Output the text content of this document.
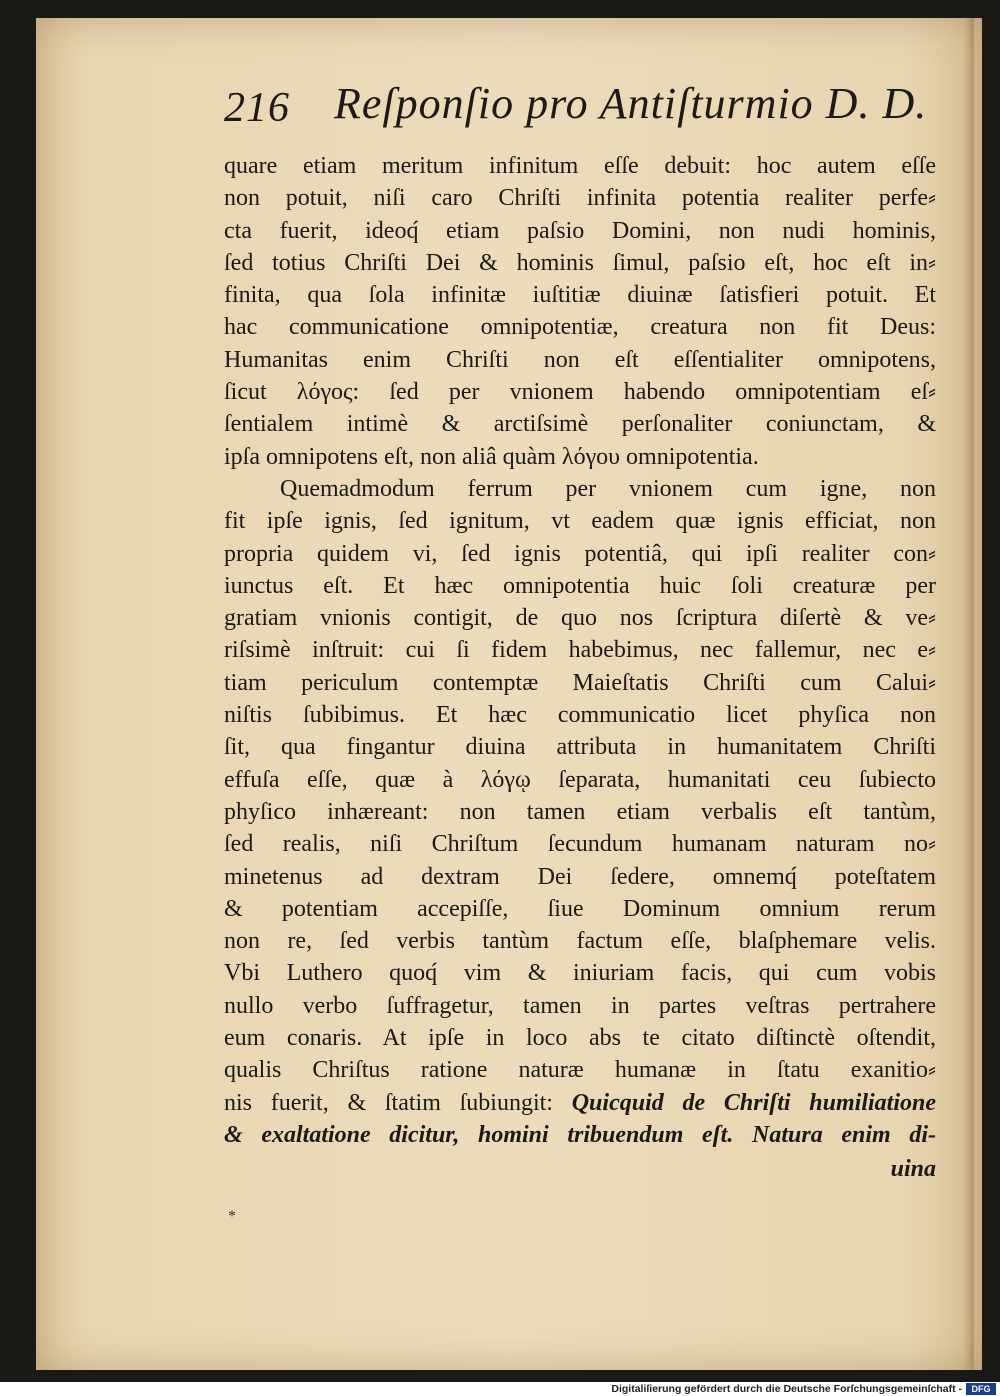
216 Reſponſio pro Antiſturmio D. D.
quare etiam meritum infinitum eſſe debuit: hoc autem eſſe
non potuit, niſi caro Chriſti infinita potentia realiter perfe⸗
cta fuerit, ideoq́ etiam paſsio Domini, non nudi hominis,
ſed totius Chriſti Dei & hominis ſimul, paſsio eſt, hoc eſt in⸗
finita, qua ſola infinitæ iuſtitiæ diuinæ ſatisfieri potuit. Et
hac communicatione omnipotentiæ, creatura non fit Deus:
Humanitas enim Chriſti non eſt eſſentialiter omnipotens,
ſicut λόγος: ſed per vnionem habendo omnipotentiam eſ⸗
ſentialem intimè & arctiſsimè perſonaliter coniunctam, &
ipſa omnipotens eſt, non aliâ quàm λόγου omnipotentia.
Quemadmodum ferrum per vnionem cum igne, non
fit ipſe ignis, ſed ignitum, vt eadem quæ ignis efficiat, non
propria quidem vi, ſed ignis potentiâ, qui ipſi realiter con⸗
iunctus eſt. Et hæc omnipotentia huic ſoli creaturæ per
gratiam vnionis contigit, de quo nos ſcriptura diſertè & ve⸗
riſsimè inſtruit: cui ſi fidem habebimus, nec fallemur, nec e⸗
tiam periculum contemptæ Maieſtatis Chriſti cum Calui⸗
niſtis ſubibimus. Et hæc communicatio licet phyſica non
ſit, qua fingantur diuina attributa in humanitatem Chriſti
effuſa eſſe, quæ à λόγῳ ſeparata, humanitati ceu ſubiecto
phyſico inhæreant: non tamen etiam verbalis eſt tantùm,
ſed realis, niſi Chriſtum ſecundum humanam naturam no⸗
minetenus ad dextram Dei ſedere, omnemq́ poteſtatem
& potentiam accepiſſe, ſiue Dominum omnium rerum
non re, ſed verbis tantùm factum eſſe, blaſphemare velis.
Vbi Luthero quoq́ vim & iniuriam facis, qui cum vobis
nullo verbo ſuffragetur, tamen in partes veſtras pertrahere
eum conaris. At ipſe in loco abs te citato diſtinctè oſtendit,
qualis Chriſtus ratione naturæ humanæ in ſtatu exanitio⸗
nis fuerit, & ſtatim ſubiungit: Quicquid de Chriſti humiliatione
& exaltatione dicitur, homini tribuendum eſt. Natura enim di-
uina
*
Digitaliſierung gefördert durch die Deutsche Forſchungsgemeinſchaft -	DFG
